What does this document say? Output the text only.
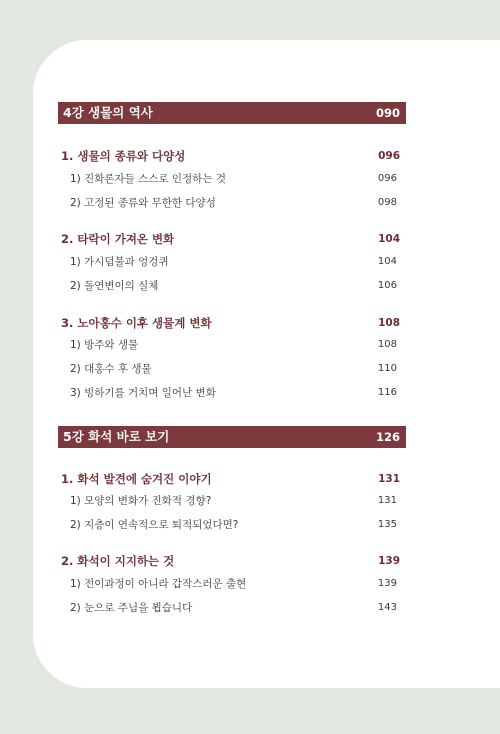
4강 생물의 역사	090
1. 생물의 종류와 다양성	096
1) 진화론자들 스스로 인정하는 것	096
2) 고정된 종류와 무한한 다양성	098
2. 타락이 가져온 변화	104
1) 가시덤불과 엉겅퀴	104
2) 돌연변이의 실체	106
3. 노아홍수 이후 생물계 변화	108
1) 방주와 생물	108
2) 대홍수 후 생물	110
3) 빙하기를 거치며 일어난 변화	116
5강 화석 바로 보기	126
1. 화석 발견에 숨겨진 이야기	131
1) 모양의 변화가 진화적 경향?	131
2) 지층이 연속적으로 퇴적되었다면?	135
2. 화석이 지지하는 것	139
1) 전이과정이 아니라 갑작스러운 출현	139
2) 눈으로 주님을 뵙습니다	143
